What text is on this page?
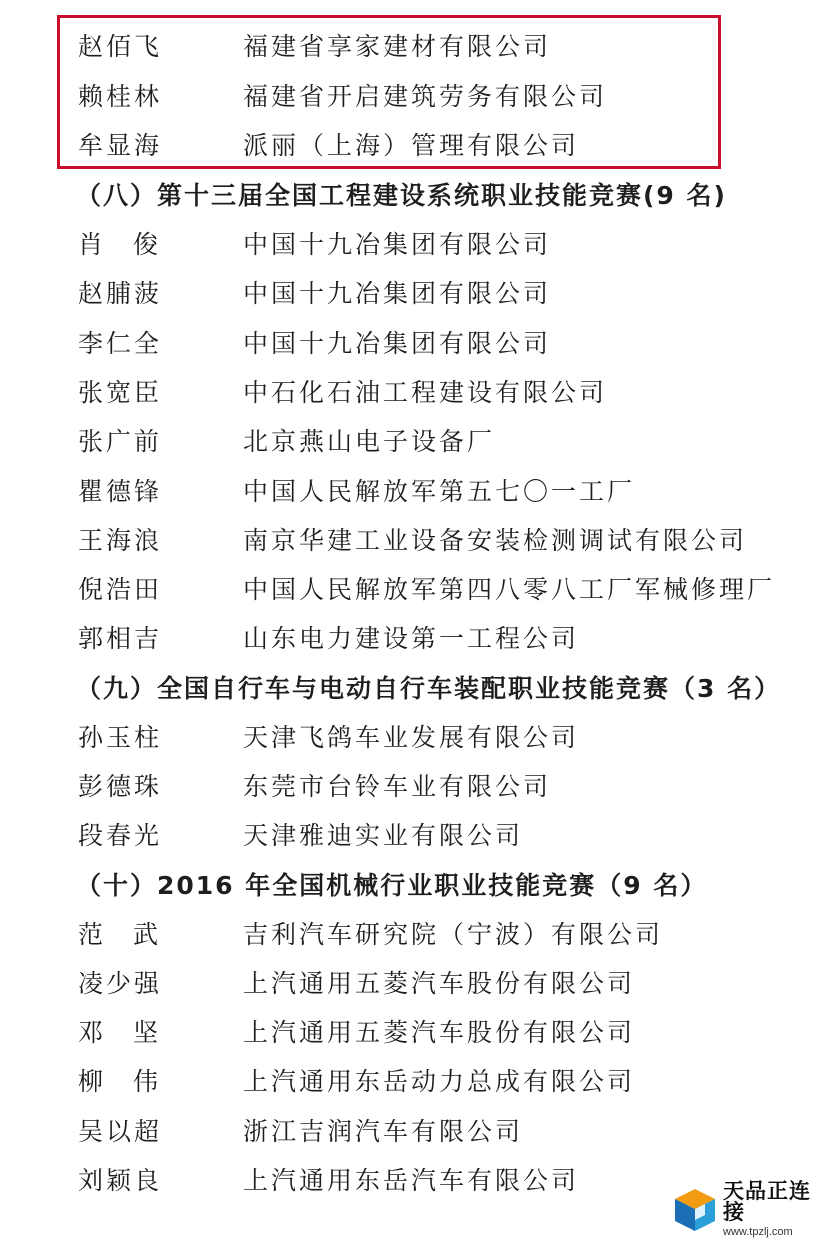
赵佰飞	福建省享家建材有限公司
赖桂林	福建省开启建筑劳务有限公司
牟显海	派丽（上海）管理有限公司
（八）第十三届全国工程建设系统职业技能竞赛(9 名)
肖 俊	中国十九冶集团有限公司
赵脯菠	中国十九冶集团有限公司
李仁全	中国十九冶集团有限公司
张宽臣	中石化石油工程建设有限公司
张广前	北京燕山电子设备厂
瞿德锋	中国人民解放军第五七〇一工厂
王海浪	南京华建工业设备安装检测调试有限公司
倪浩田	中国人民解放军第四八零八工厂军械修理厂
郭相吉	山东电力建设第一工程公司
（九）全国自行车与电动自行车装配职业技能竞赛（3 名）
孙玉柱	天津飞鸽车业发展有限公司
彭德珠	东莞市台铃车业有限公司
段春光	天津雅迪实业有限公司
（十）2016 年全国机械行业职业技能竞赛（9 名）
范 武	吉利汽车研究院（宁波）有限公司
凌少强	上汽通用五菱汽车股份有限公司
邓 坚	上汽通用五菱汽车股份有限公司
柳 伟	上汽通用东岳动力总成有限公司
吴以超	浙江吉润汽车有限公司
刘颖良	上汽通用东岳汽车有限公司	天品正连接
www.tpzlj.com
